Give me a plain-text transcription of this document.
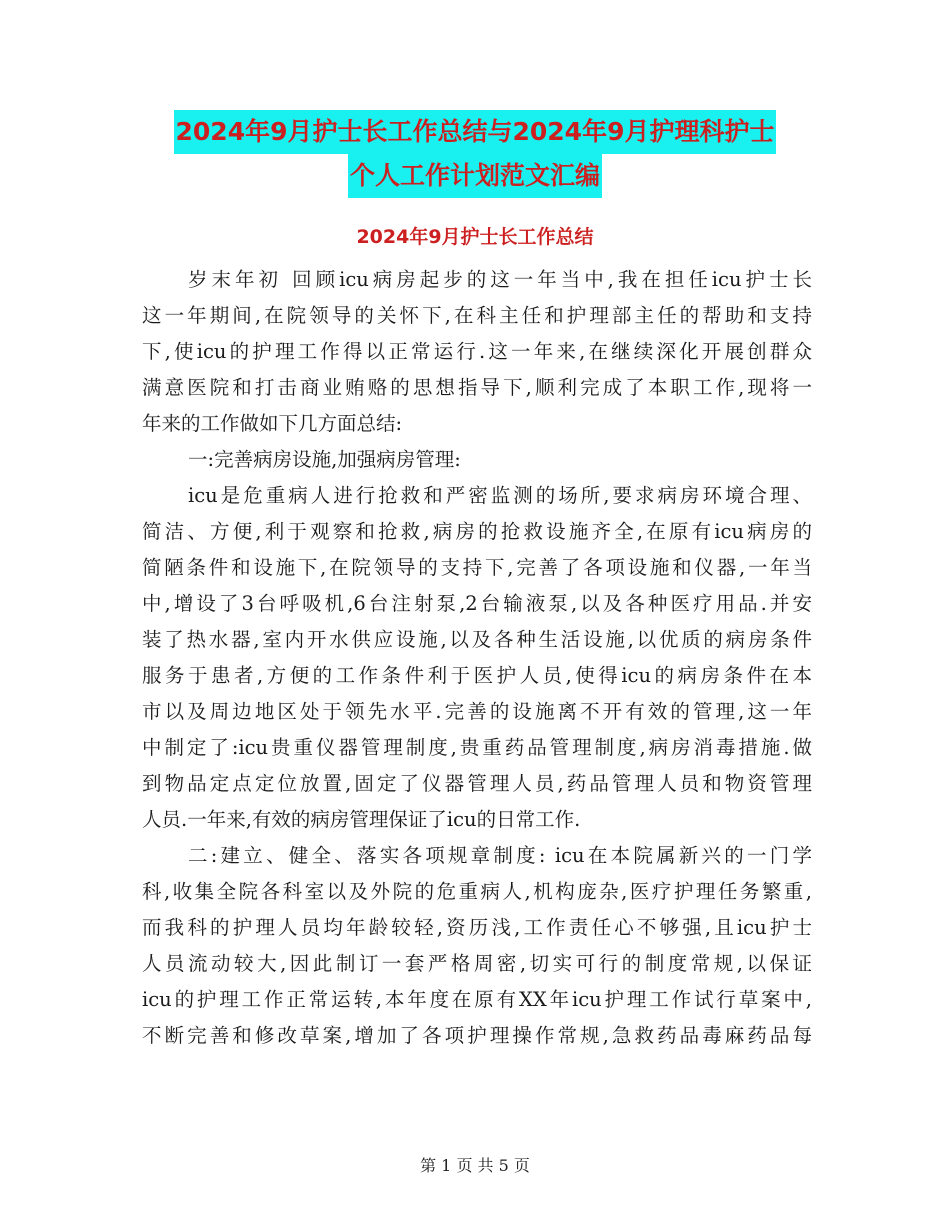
2024年9月护士长工作总结与2024年9月护理科护士
个人工作计划范文汇编
2024年9月护士长工作总结
岁末年初 回顾icu病房起步的这一年当中,我在担任icu护士长
这一年期间,在院领导的关怀下,在科主任和护理部主任的帮助和支持
下,使icu的护理工作得以正常运行.这一年来,在继续深化开展创群众
满意医院和打击商业贿赂的思想指导下,顺利完成了本职工作,现将一
年来的工作做如下几方面总结:
一:完善病房设施,加强病房管理:
icu是危重病人进行抢救和严密监测的场所,要求病房环境合理、
简洁、方便,利于观察和抢救,病房的抢救设施齐全,在原有icu病房的
简陋条件和设施下,在院领导的支持下,完善了各项设施和仪器,一年当
中,增设了3台呼吸机,6台注射泵,2台输液泵,以及各种医疗用品.并安
装了热水器,室内开水供应设施,以及各种生活设施,以优质的病房条件
服务于患者,方便的工作条件利于医护人员,使得icu的病房条件在本
市以及周边地区处于领先水平.完善的设施离不开有效的管理,这一年
中制定了:icu贵重仪器管理制度,贵重药品管理制度,病房消毒措施.做
到物品定点定位放置,固定了仪器管理人员,药品管理人员和物资管理
人员.一年来,有效的病房管理保证了icu的日常工作.
二:建立、健全、落实各项规章制度: icu在本院属新兴的一门学
科,收集全院各科室以及外院的危重病人,机构庞杂,医疗护理任务繁重,
而我科的护理人员均年龄较轻,资历浅,工作责任心不够强,且icu护士
人员流动较大,因此制订一套严格周密,切实可行的制度常规,以保证
icu的护理工作正常运转,本年度在原有XX年icu护理工作试行草案中,
不断完善和修改草案,增加了各项护理操作常规,急救药品毒麻药品每
第 1 页 共 5 页
